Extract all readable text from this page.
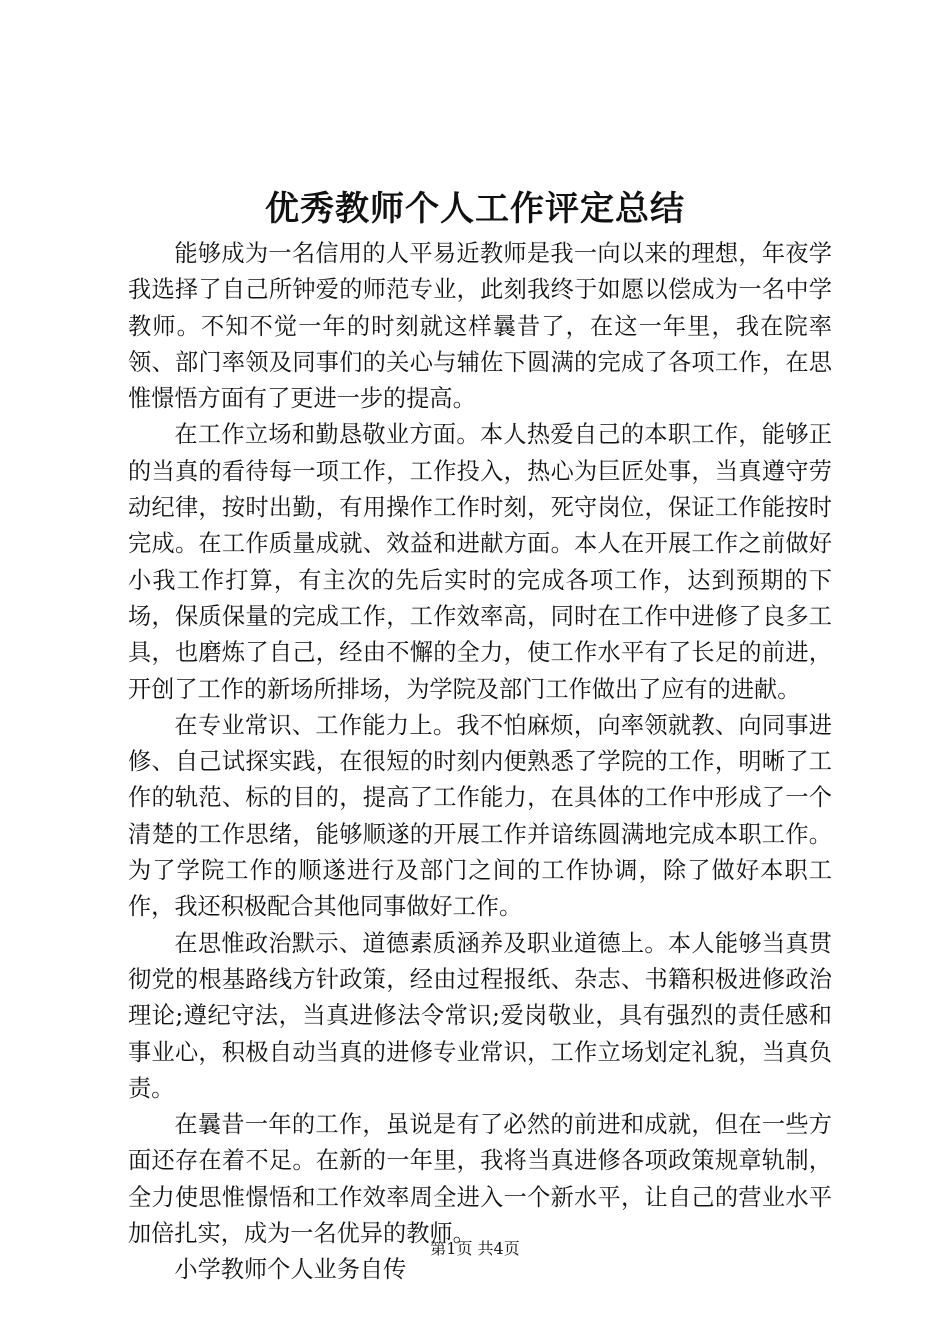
优秀教师个人工作评定总结

能够成为一名信用的人平易近教师是我一向以来的理想，年夜学我选择了自己所钟爱的师范专业，此刻我终于如愿以偿成为一名中学教师。不知不觉一年的时刻就这样曩昔了，在这一年里，我在院率领、部门率领及同事们的关心与辅佐下圆满的完成了各项工作，在思惟憬悟方面有了更进一步的提高。

在工作立场和勤恳敬业方面。本人热爱自己的本职工作，能够正的当真的看待每一项工作，工作投入，热心为巨匠处事，当真遵守劳动纪律，按时出勤，有用操作工作时刻，死守岗位，保证工作能按时完成。在工作质量成就、效益和进献方面。本人在开展工作之前做好小我工作打算，有主次的先后实时的完成各项工作，达到预期的下场，保质保量的完成工作，工作效率高，同时在工作中进修了良多工具，也磨炼了自己，经由不懈的全力，使工作水平有了长足的前进，开创了工作的新场所排场，为学院及部门工作做出了应有的进献。

在专业常识、工作能力上。我不怕麻烦，向率领就教、向同事进修、自己试探实践，在很短的时刻内便熟悉了学院的工作，明晰了工作的轨范、标的目的，提高了工作能力，在具体的工作中形成了一个清楚的工作思绪，能够顺遂的开展工作并谙练圆满地完成本职工作。为了学院工作的顺遂进行及部门之间的工作协调，除了做好本职工作，我还积极配合其他同事做好工作。

在思惟政治默示、道德素质涵养及职业道德上。本人能够当真贯彻党的根基路线方针政策，经由过程报纸、杂志、书籍积极进修政治理论;遵纪守法，当真进修法令常识;爱岗敬业，具有强烈的责任感和事业心，积极自动当真的进修专业常识，工作立场划定礼貌，当真负责。

在曩昔一年的工作，虽说是有了必然的前进和成就，但在一些方面还存在着不足。在新的一年里，我将当真进修各项政策规章轨制，全力使思惟憬悟和工作效率周全进入一个新水平，让自己的营业水平加倍扎实，成为一名优异的教师。

小学教师个人业务自传

第1页 共4页
